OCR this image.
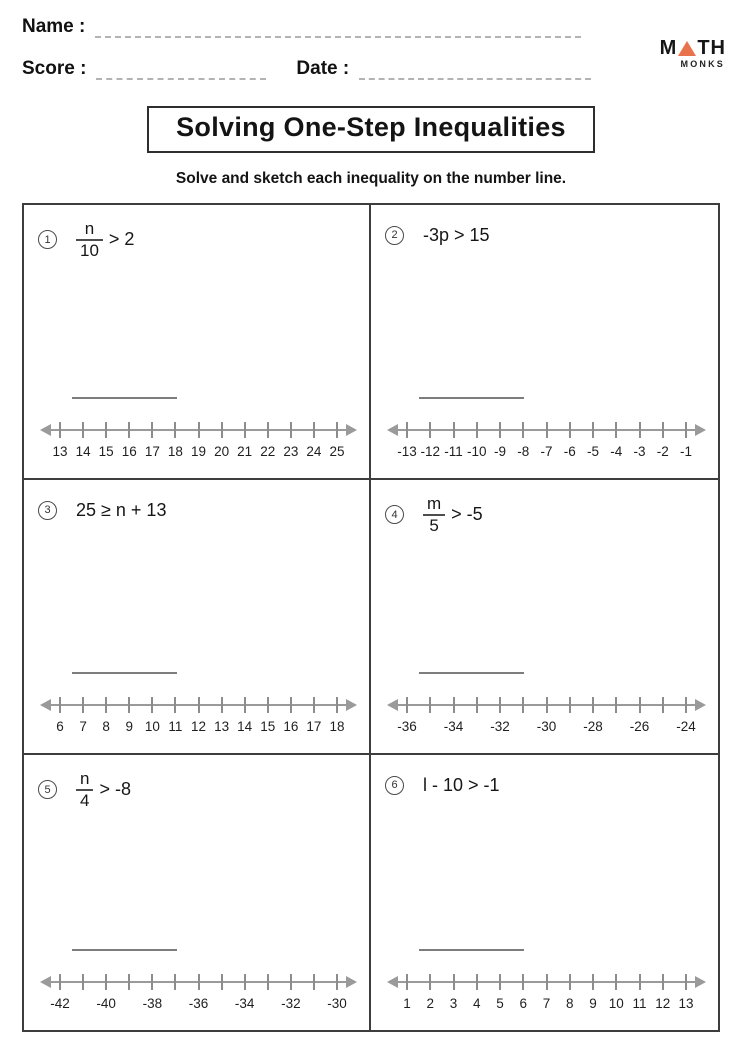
Name :
Score :	Date :
M TH
MONKS
Solving One-Step Inequalities
Solve and sketch each inequality on the number line.
1	$\frac{n}{10} > 2$
13 14 15 16 17 18 19 20 21 22 23 24 25
2	-3p > 15
-13 -12 -11 -10 -9 -8 -7 -6 -5 -4 -3 -2 -1
3	25 ≥ n + 13
6 7 8 9 10 11 12 13 14 15 16 17 18
4	$\frac{m}{5} > -5$
-36 -34 -32 -30 -28 -26 -24
5	$\frac{n}{4} > -8$
-42 -40 -38 -36 -34 -32 -30
6	l - 10 > -1
1 2 3 4 5 6 7 8 9 10 11 12 13
